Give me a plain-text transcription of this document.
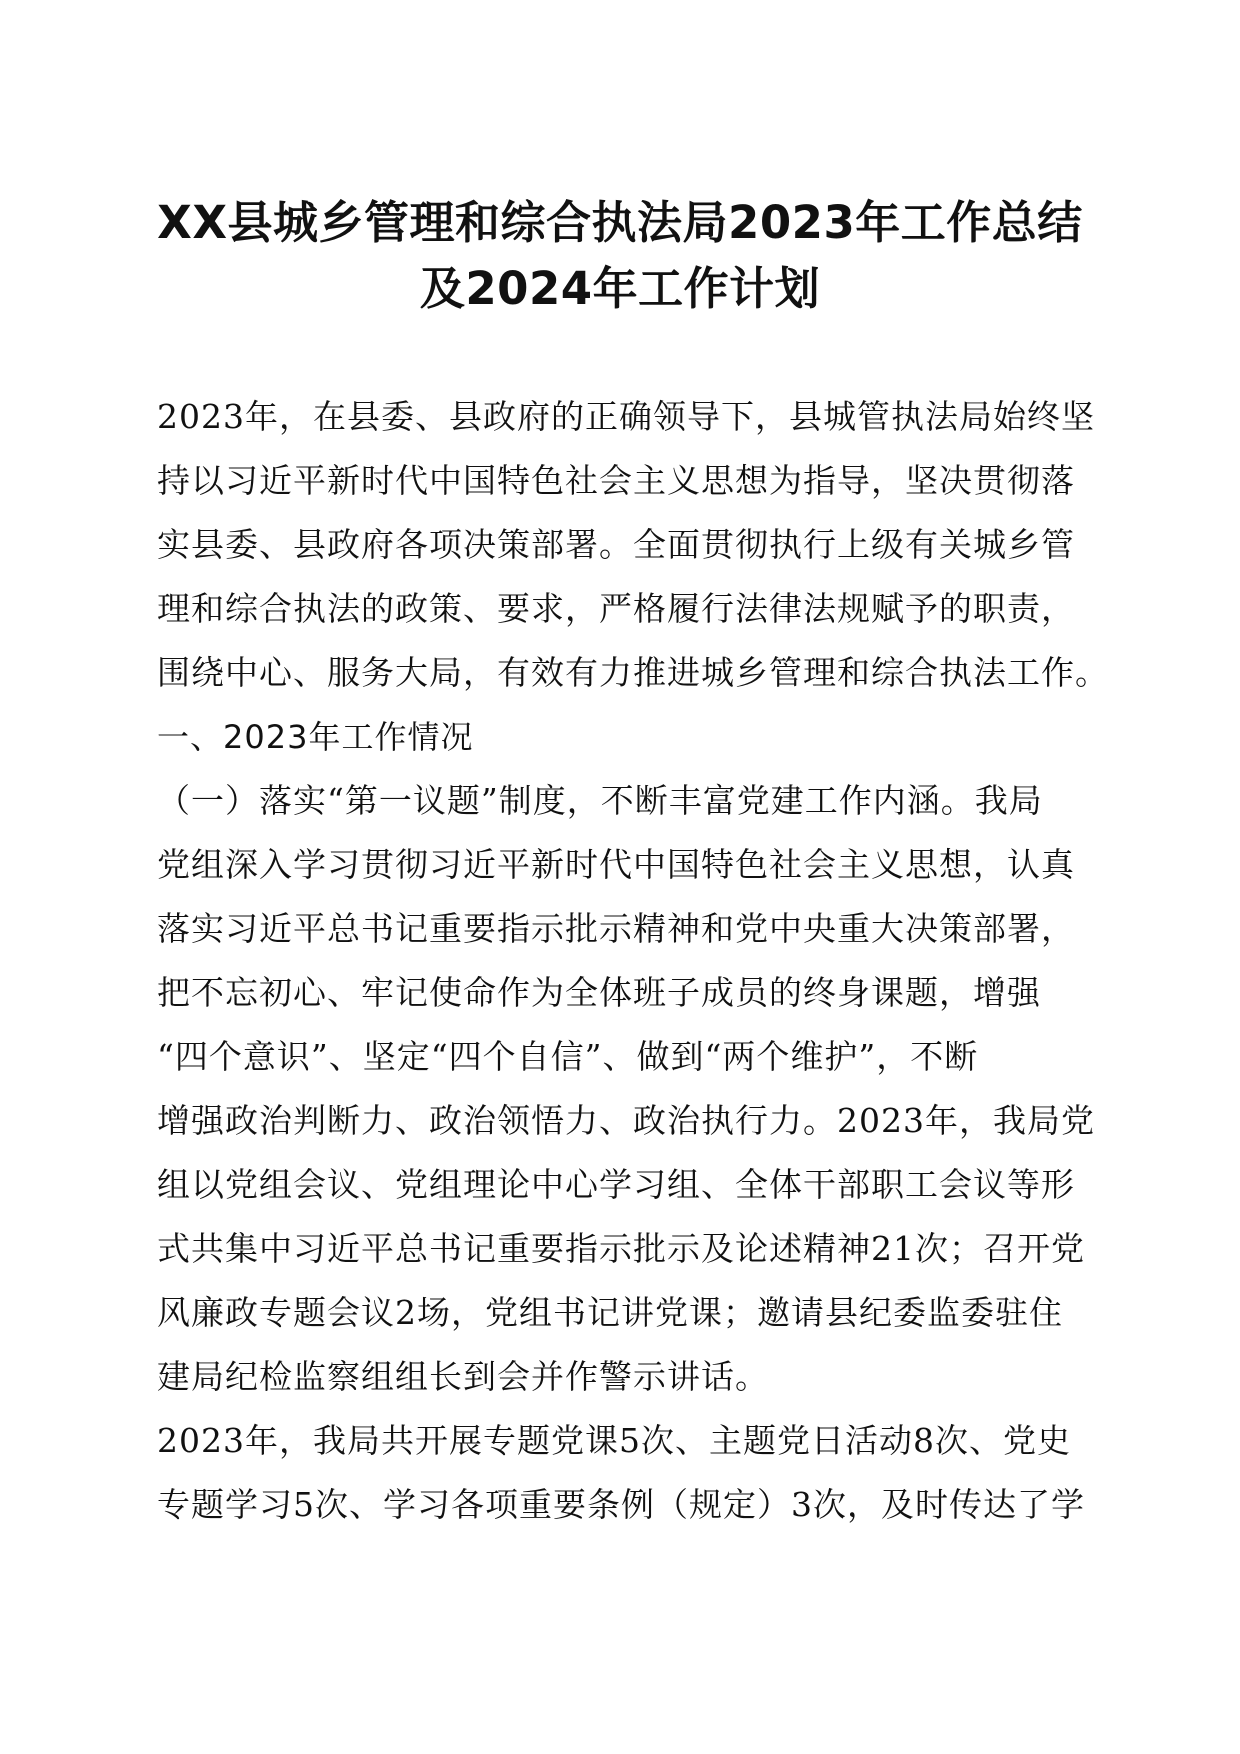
XX县城乡管理和综合执法局2023年工作总结
及2024年工作计划
2023年，在县委、县政府的正确领导下，县城管执法局始终坚
持以习近平新时代中国特色社会主义思想为指导，坚决贯彻落
实县委、县政府各项决策部署。全面贯彻执行上级有关城乡管
理和综合执法的政策、要求，严格履行法律法规赋予的职责，
围绕中心、服务大局，有效有力推进城乡管理和综合执法工作。
一、2023年工作情况
（一）落实“第一议题”制度，不断丰富党建工作内涵。我局
党组深入学习贯彻习近平新时代中国特色社会主义思想，认真
落实习近平总书记重要指示批示精神和党中央重大决策部署，
把不忘初心、牢记使命作为全体班子成员的终身课题，增强
“四个意识”、坚定“四个自信”、做到“两个维护”，不断
增强政治判断力、政治领悟力、政治执行力。2023年，我局党
组以党组会议、党组理论中心学习组、全体干部职工会议等形
式共集中习近平总书记重要指示批示及论述精神21次；召开党
风廉政专题会议2场，党组书记讲党课；邀请县纪委监委驻住
建局纪检监察组组长到会并作警示讲话。
2023年，我局共开展专题党课5次、主题党日活动8次、党史
专题学习5次、学习各项重要条例（规定）3次，及时传达了学
